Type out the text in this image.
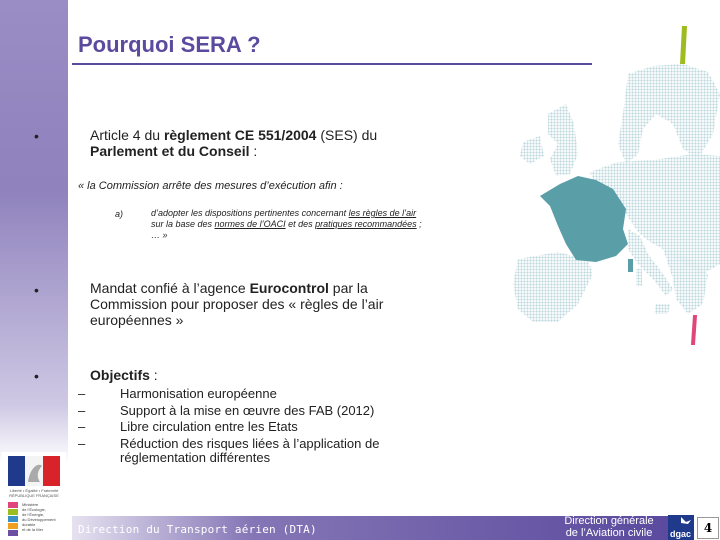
Liberté • Égalité • Fraternité RÉPUBLIQUE FRANÇAISE
Ministère
de l’Écologie,
de l’Énergie,
du Développement
durable
et de la Mer
Pourquoi SERA ?
•	Article 4 du règlement CE 551/2004 (SES) du
Parlement et du Conseil :
« la Commission arrête des mesures d’exécution afin :
a)	d’adopter les dispositions pertinentes concernant les règles de l’air sur la base des normes de l’OACI et des pratiques recommandées ; … »
•	Mandat confié à l’agence Eurocontrol par la Commission pour proposer des « règles de l’air européennes »
•	Objectifs :
–	Harmonisation européenne
–	Support à la mise en œuvre des FAB (2012)
–	Libre circulation entre les Etats
–	Réduction des risques liées à l’application de réglementation différentes
Direction du Transport aérien (DTA)
Direction générale
de l’Aviation civile	dgac	4
